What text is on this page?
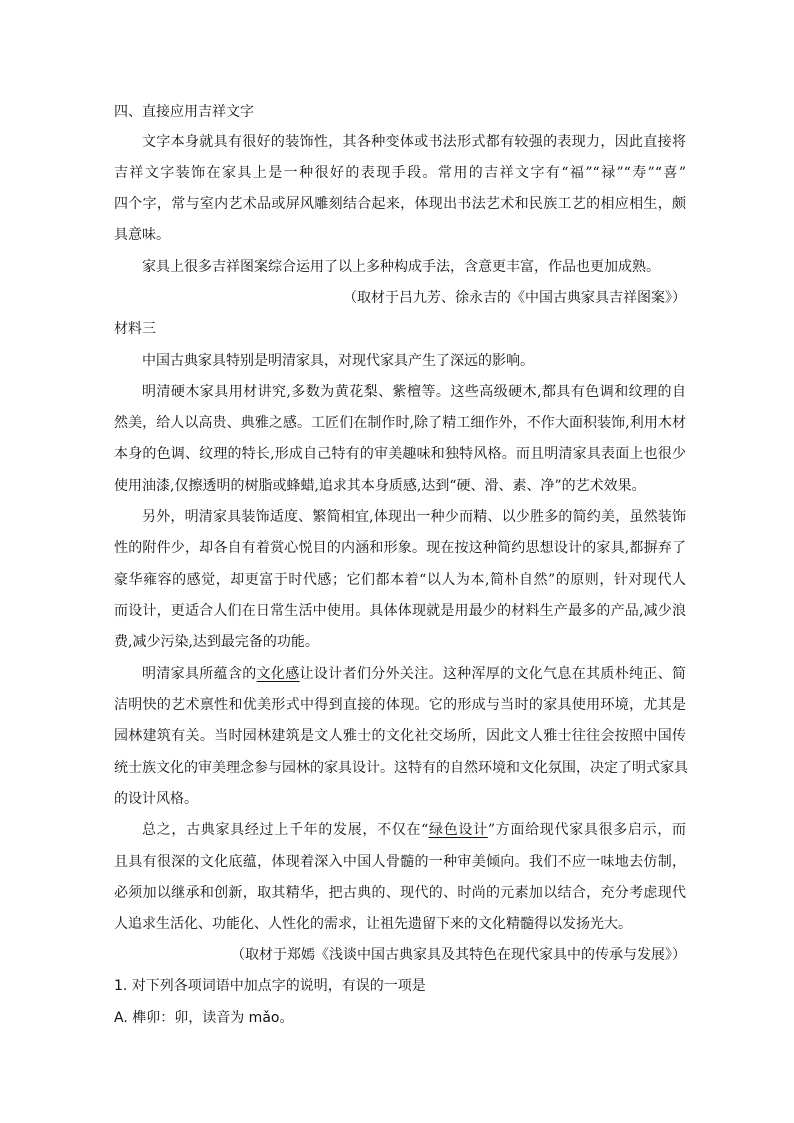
四、直接应用吉祥文字
文字本身就具有很好的装饰性，其各种变体或书法形式都有较强的表现力，因此直接将
吉祥文字装饰在家具上是一种很好的表现手段。常用的吉祥文字有“福”“禄”“寿”“喜”
四个字，常与室内艺术品或屏风雕刻结合起来，体现出书法艺术和民族工艺的相应相生，颇
具意味。
家具上很多吉祥图案综合运用了以上多种构成手法，含意更丰富，作品也更加成熟。
（取材于吕九芳、徐永吉的《中国古典家具吉祥图案》）
材料三
中国古典家具特别是明清家具，对现代家具产生了深远的影响。
明清硬木家具用材讲究,多数为黄花梨、紫檀等。这些高级硬木,都具有色调和纹理的自
然美，给人以高贵、典雅之感。工匠们在制作时,除了精工细作外，不作大面积装饰,利用木材
本身的色调、纹理的特长,形成自己特有的审美趣味和独特风格。而且明清家具表面上也很少
使用油漆,仅擦透明的树脂或蜂蜡,追求其本身质感,达到“硬、滑、素、净”的艺术效果。
另外，明清家具装饰适度、繁简相宜,体现出一种少而精、以少胜多的简约美，虽然装饰
性的附件少，却各自有着赏心悦目的内涵和形象。现在按这种简约思想设计的家具,都摒弃了
豪华雍容的感觉，却更富于时代感；它们都本着“以人为本,简朴自然”的原则，针对现代人
而设计，更适合人们在日常生活中使用。具体体现就是用最少的材料生产最多的产品,减少浪
费,减少污染,达到最完备的功能。
明清家具所蕴含的文化感让设计者们分外关注。这种浑厚的文化气息在其质朴纯正、简
洁明快的艺术禀性和优美形式中得到直接的体现。它的形成与当时的家具使用环境，尤其是
园林建筑有关。当时园林建筑是文人雅士的文化社交场所，因此文人雅士往往会按照中国传
统士族文化的审美理念参与园林的家具设计。这特有的自然环境和文化氛围，决定了明式家具
的设计风格。
总之，古典家具经过上千年的发展，不仅在“绿色设计”方面给现代家具很多启示，而
且具有很深的文化底蕴，体现着深入中国人骨髓的一种审美倾向。我们不应一味地去仿制，
必须加以继承和创新，取其精华，把古典的、现代的、时尚的元素加以结合，充分考虑现代
人追求生活化、功能化、人性化的需求，让祖先遗留下来的文化精髓得以发扬光大。
（取材于郑嫣《浅谈中国古典家具及其特色在现代家具中的传承与发展》）
1. 对下列各项词语中加点字的说明，有误的一项是
A. 榫卯：卯，读音为 mǎo。
